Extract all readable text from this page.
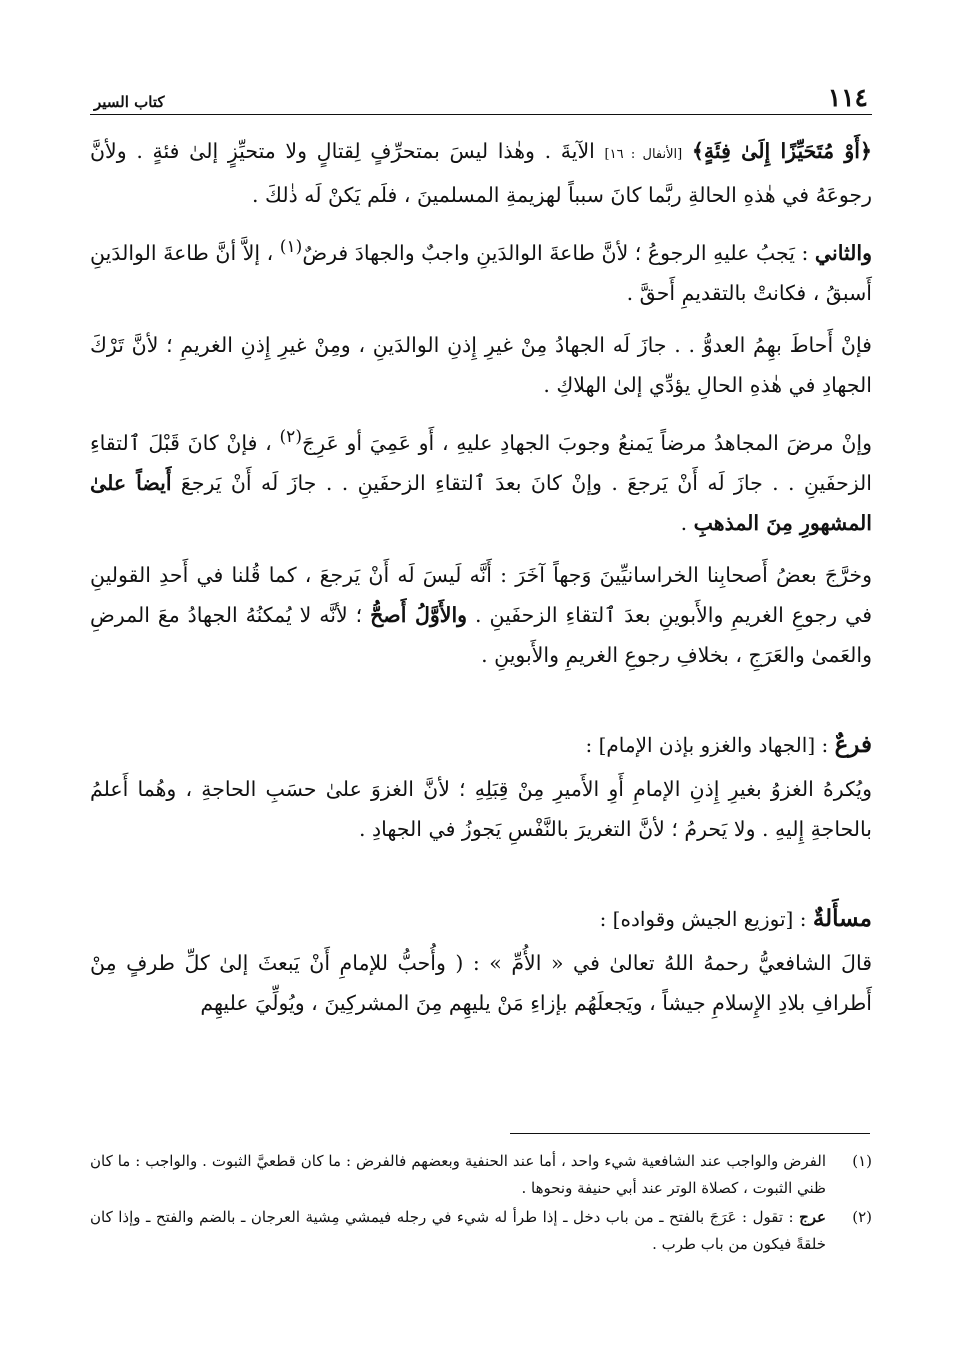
١١٤
كتاب السير

﴿أَوْ مُتَحَيِّزًا إِلَىٰ فِئَةٍ﴾ [الأنفال : ١٦] الآيةَ . وهٰذا ليسَ بمتحرِّفٍ لِقتالٍ ولا متحيِّزٍ إلىٰ فئةٍ . ولأنَّ رجوعَهُ في هٰذهِ الحالةِ ربَّما كانَ سبباً لهزيمةِ المسلمينَ ، فلَم يَكنْ لَه ذٰلكَ .

والثاني : يَجبُ عليهِ الرجوعُ ؛ لأنَّ طاعةَ الوالدَينِ واجبٌ والجهادَ فرضٌ$^{(١)}$ ، إلاَّ أنَّ طاعةَ الوالدَينِ أَسبقُ ، فكانتْ بالتقديمِ أَحقَّ .

فإنْ أَحاطَ بهِمُ العدوُّ . . جازَ لَه الجهادُ مِنْ غيرِ إِذنِ الوالدَينِ ، ومِنْ غيرِ إِذنِ الغريمِ ؛ لأنَّ تَرْكَ الجهادِ في هٰذهِ الحالِ يؤدِّي إلىٰ الهلاكِ .

وإنْ مرضَ المجاهدُ مرضاً يَمنعُ وجوبَ الجهادِ عليهِ ، أَو عَمِيَ أو عَرِجَ$^{(٢)}$ ، فإنْ كانَ قَبْلَ ٱلتقاءِ الزحفَينِ . . جازَ لَه أَنْ يَرجعَ . وإنْ كانَ بعدَ ٱلتقاءِ الزحفَينِ . . جازَ لَه أَنْ يَرجعَ أَيضاً علىٰ المشهورِ مِنَ المذهبِ .

وخرَّجَ بعضُ أَصحابِنا الخراسانيِّينَ وَجهاً آخَرَ : أَنَّه لَيسَ لَه أَنْ يَرجعَ ، كما قُلنا في أَحدِ القولينِ في رجوعِ الغريمِ والأَبوينِ بعدَ ٱلتقاءِ الزحفَينِ . والأَوَّلُ أَصحُّ ؛ لأنَّه لا يُمكنُهُ الجهادُ معَ المرضِ والعَمىٰ والعَرَجِ ، بخلافِ رجوعِ الغريمِ والأَبوينِ .

فرعٌ : [الجهاد والغزو بإذن الإمام] :

ويُكرهُ الغزوُ بغيرِ إِذنِ الإمامِ أَوِ الأَميرِ مِنْ قِبَلِهِ ؛ لأنَّ الغزوَ علىٰ حسَبِ الحاجةِ ، وهُما أَعلمُ بالحاجةِ إِليهِ . ولا يَحرمُ ؛ لأنَّ التغريرَ بالنَّفْسِ يَجوزُ في الجهادِ .

مسأَلةٌ : [توزيع الجيش وقواده] :

قالَ الشافعيُّ رحمهُ اللهُ تعالىٰ في « الأُمِّ » : ( وأُحبُّ للإمامِ أَنْ يَبعثَ إلىٰ كلِّ طرفٍ مِنْ أَطرافِ بلادِ الإِسلامِ جيشاً ، ويَجعلَهُم بإزاءِ مَنْ يليهِم مِنَ المشركِينَ ، ويُولِّيَ عليهِم

(١)
الفرض والواجب عند الشافعية شيء واحد ، أما عند الحنفية وبعضهم فالفرض : ما كان قطعيَّ الثبوت . والواجب : ما كان ظني الثبوت ، كصلاة الوتر عند أبي حنيفة ونحوها .
(٢)
عرج : تقول : عَرَجَ بالفتح ـ من باب دخل ـ إذا طرأ له شيء في رجله فيمشي مِشية العرجان ـ بالضم والفتح ـ وإذا كان خلقةً فيكون من باب طرب .
